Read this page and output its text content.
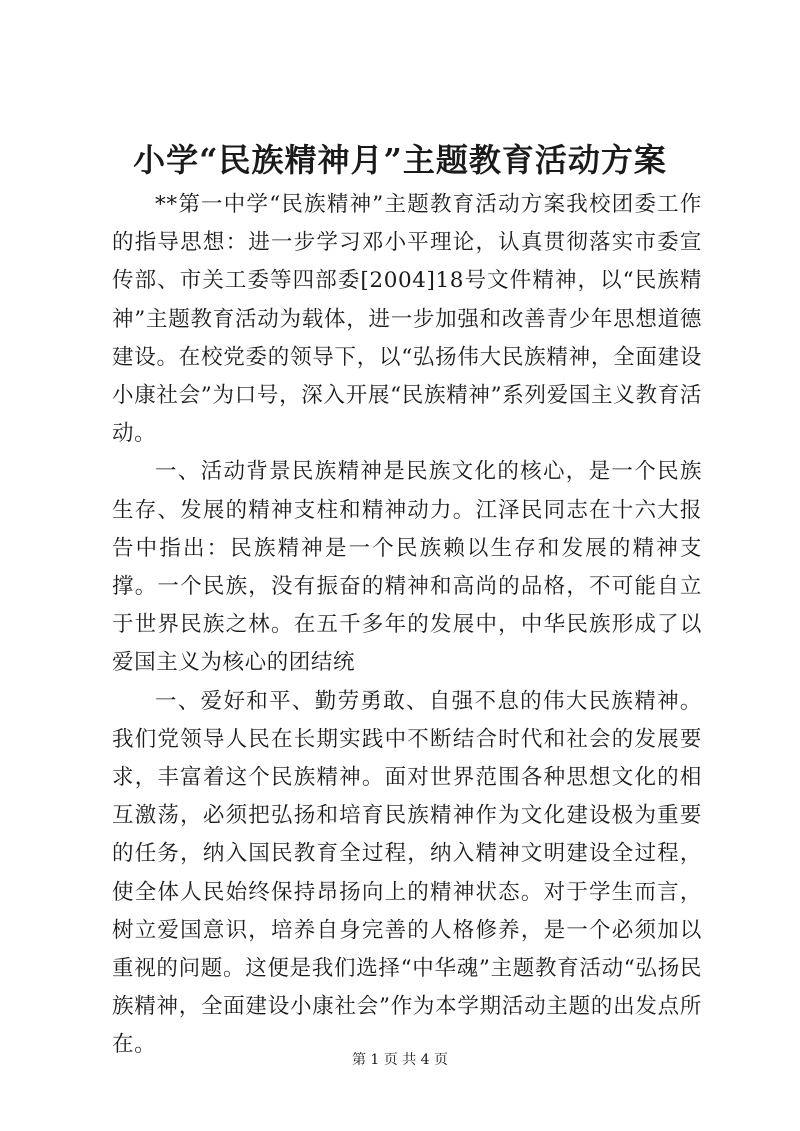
小学“民族精神月”主题教育活动方案

**第一中学“民族精神”主题教育活动方案我校团委工作的指导思想：进一步学习邓小平理论，认真贯彻落实市委宣传部、市关工委等四部委[2004]18号文件精神，以“民族精神”主题教育活动为载体，进一步加强和改善青少年思想道德建设。在校党委的领导下，以“弘扬伟大民族精神，全面建设小康社会”为口号，深入开展“民族精神”系列爱国主义教育活动。

一、活动背景民族精神是民族文化的核心，是一个民族生存、发展的精神支柱和精神动力。江泽民同志在十六大报告中指出：民族精神是一个民族赖以生存和发展的精神支撑。一个民族，没有振奋的精神和高尚的品格，不可能自立于世界民族之林。在五千多年的发展中，中华民族形成了以爱国主义为核心的团结统

一、爱好和平、勤劳勇敢、自强不息的伟大民族精神。我们党领导人民在长期实践中不断结合时代和社会的发展要求，丰富着这个民族精神。面对世界范围各种思想文化的相互激荡，必须把弘扬和培育民族精神作为文化建设极为重要的任务，纳入国民教育全过程，纳入精神文明建设全过程，使全体人民始终保持昂扬向上的精神状态。对于学生而言，树立爱国意识，培养自身完善的人格修养，是一个必须加以重视的问题。这便是我们选择“中华魂”主题教育活动“弘扬民族精神，全面建设小康社会”作为本学期活动主题的出发点所在。

第 1 页 共 4 页
